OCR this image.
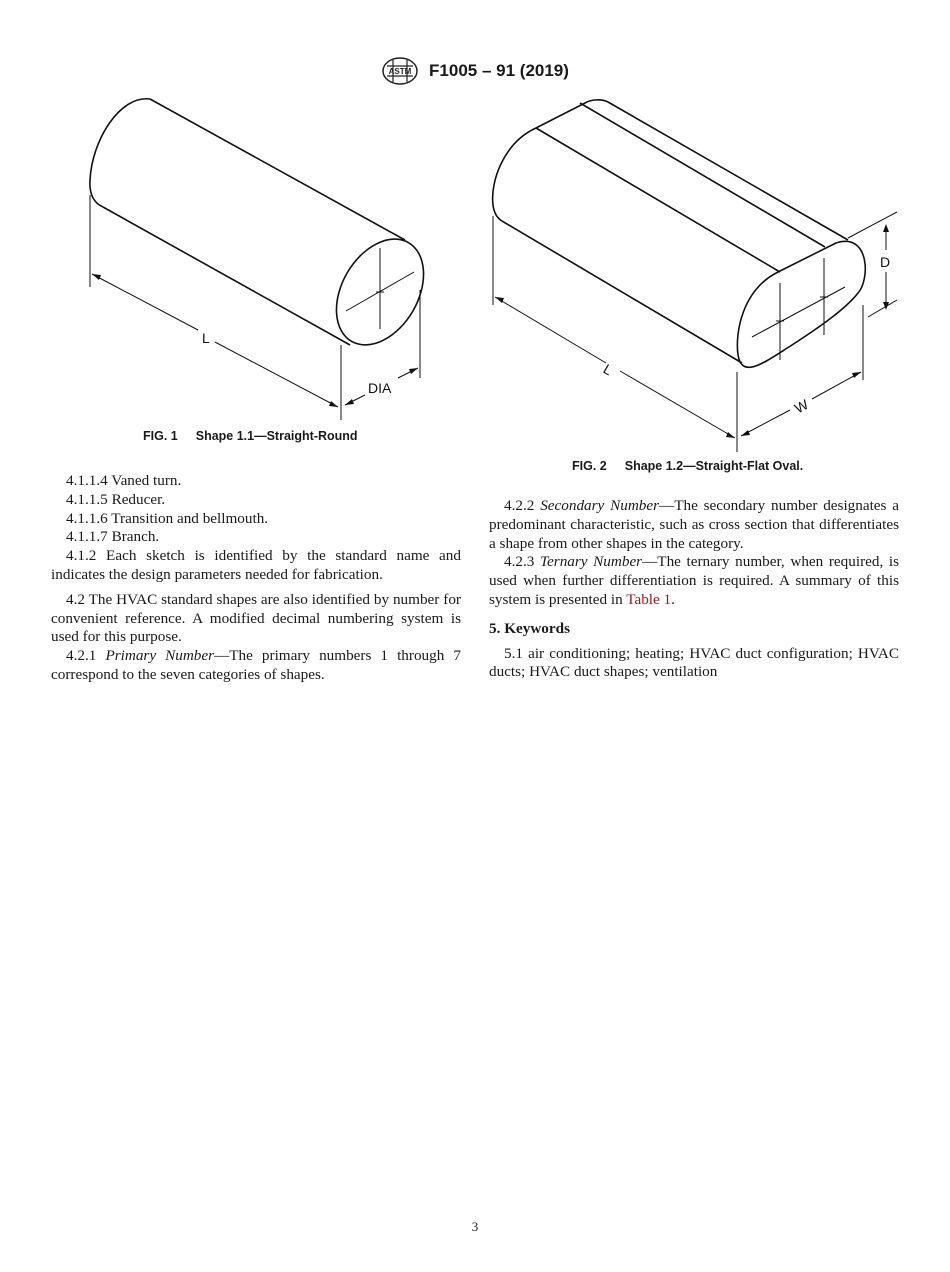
ASTM F1005 – 91 (2019)
L
DIA
FIG. 1 Shape 1.1—Straight-Round
L
W
D
FIG. 2 Shape 1.2—Straight-Flat Oval.

4.1.1.4 Vaned turn.

4.1.1.5 Reducer.

4.1.1.6 Transition and bellmouth.

4.1.1.7 Branch.

4.1.2 Each sketch is identified by the standard name and indicates the design parameters needed for fabrication.

4.2 The HVAC standard shapes are also identified by number for convenient reference. A modified decimal numbering system is used for this purpose.

4.2.1 Primary Number—The primary numbers 1 through 7 correspond to the seven categories of shapes.

4.2.2 Secondary Number—The secondary number designates a predominant characteristic, such as cross section that differentiates a shape from other shapes in the category.

4.2.3 Ternary Number—The ternary number, when required, is used when further differentiation is required. A summary of this system is presented in Table 1.

5. Keywords

5.1 air conditioning; heating; HVAC duct configuration; HVAC ducts; HVAC duct shapes; ventilation

3
